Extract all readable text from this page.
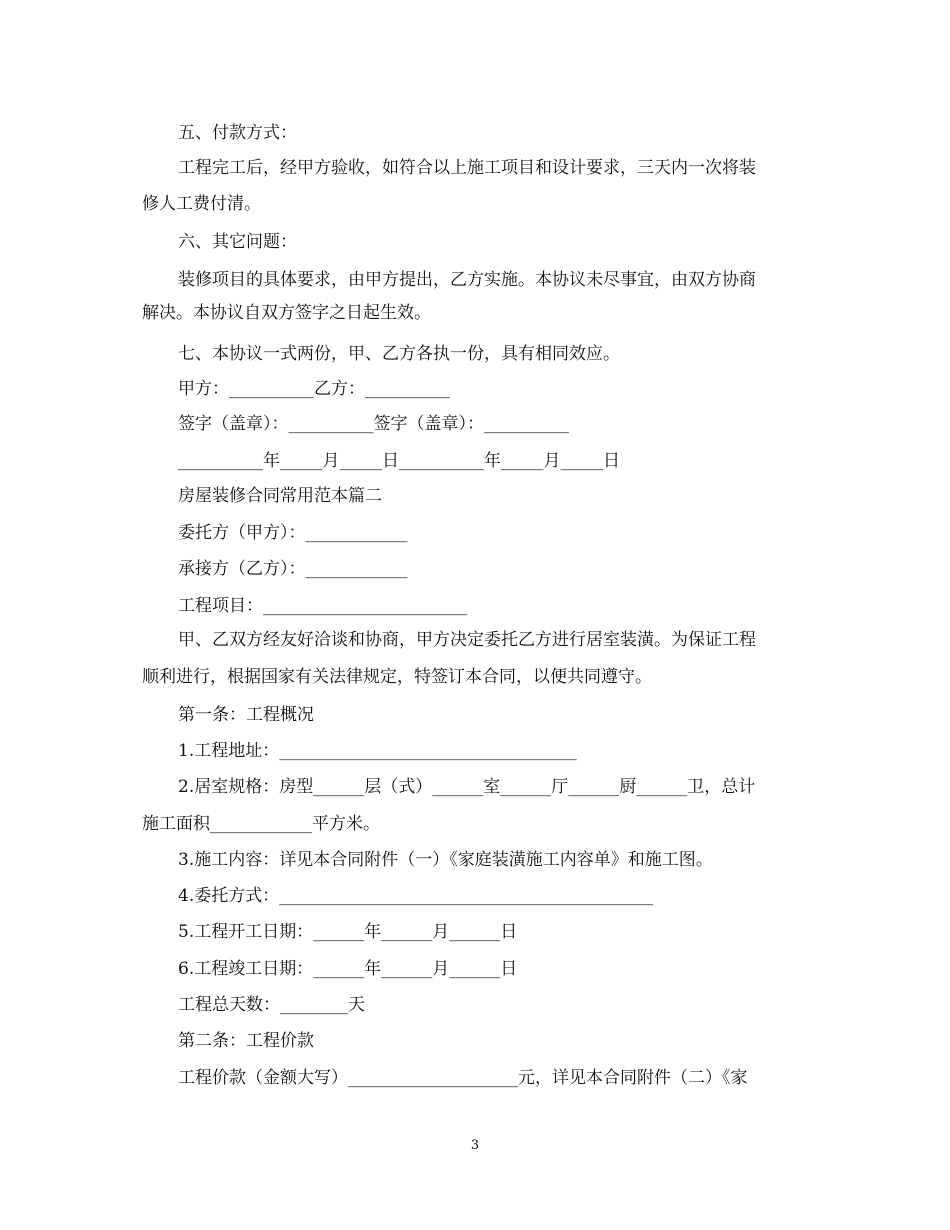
五、付款方式：
工程完工后，经甲方验收，如符合以上施工项目和设计要求，三天内一次将装
修人工费付清。
六、其它问题：
装修项目的具体要求，由甲方提出，乙方实施。本协议未尽事宜，由双方协商
解决。本协议自双方签字之日起生效。
七、本协议一式两份，甲、乙方各执一份，具有相同效应。
甲方：__________乙方：__________
签字（盖章）：__________签字（盖章）：__________
__________年_____月_____日__________年_____月_____日
房屋装修合同常用范本篇二
委托方（甲方）：____________
承接方（乙方）：____________
工程项目：________________________
甲、乙双方经友好洽谈和协商，甲方决定委托乙方进行居室装潢。为保证工程
顺利进行，根据国家有关法律规定，特签订本合同，以便共同遵守。
第一条：工程概况
1.工程地址：___________________________________
2.居室规格：房型______层（式）______室______厅______厨______卫，总计
施工面积____________平方米。
3.施工内容：详见本合同附件（一）《家庭装潢施工内容单》和施工图。
4.委托方式：____________________________________________
5.工程开工日期：______年______月______日
6.工程竣工日期：______年______月______日
工程总天数：________天
第二条：工程价款
工程价款（金额大写）____________________元，详见本合同附件（二）《家
3
